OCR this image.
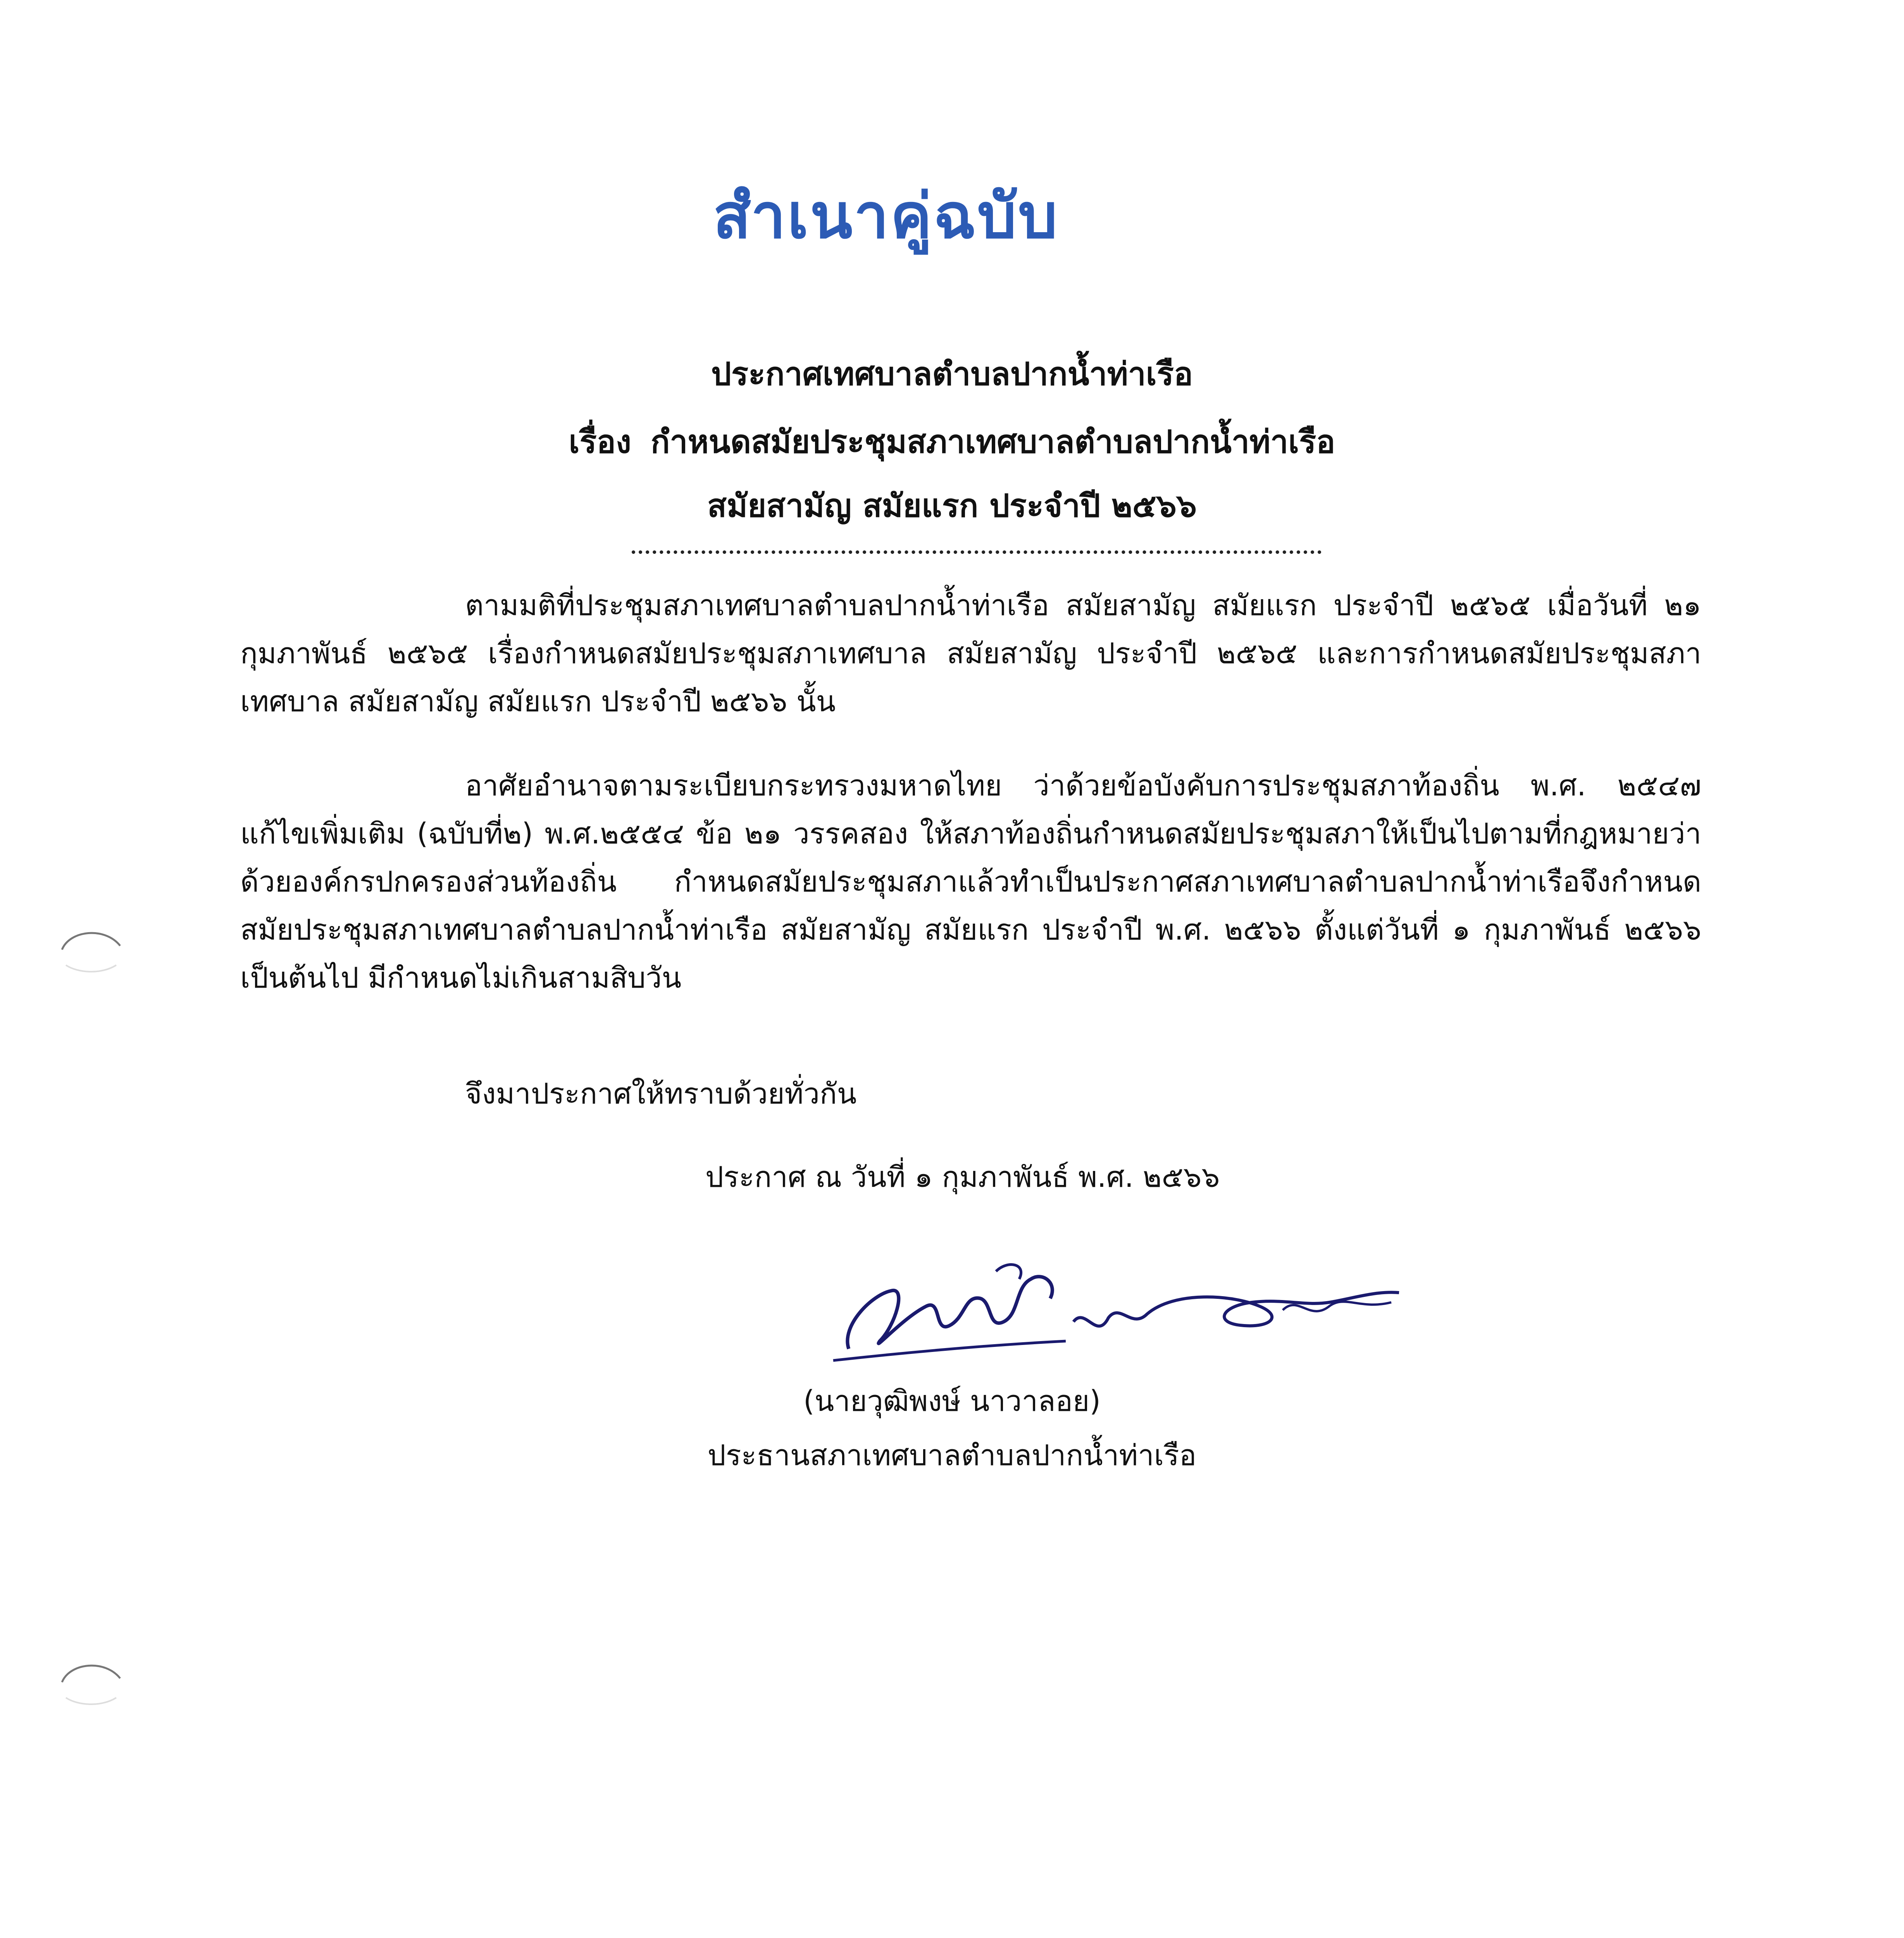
สำเนาคู่ฉบับ
ประกาศเทศบาลตำบลปากน้ำท่าเรือ
เรื่อง กำหนดสมัยประชุมสภาเทศบาลตำบลปากน้ำท่าเรือ
สมัยสามัญ สมัยแรก ประจำปี ๒๕๖๖
ตามมติที่ประชุมสภาเทศบาลตำบลปากน้ำท่าเรือ สมัยสามัญ สมัยแรก ประจำปี ๒๕๖๕ เมื่อวันที่ ๒๑ กุมภาพันธ์ ๒๕๖๕ เรื่องกำหนดสมัยประชุมสภาเทศบาล สมัยสามัญ ประจำปี ๒๕๖๕ และการกำหนดสมัยประชุมสภาเทศบาล สมัยสามัญ สมัยแรก ประจำปี ๒๕๖๖ นั้น
อาศัยอำนาจตามระเบียบกระทรวงมหาดไทย ว่าด้วยข้อบังคับการประชุมสภาท้องถิ่น พ.ศ. ๒๕๔๗ แก้ไขเพิ่มเติม (ฉบับที่๒) พ.ศ.๒๕๕๔ ข้อ ๒๑ วรรคสอง ให้สภาท้องถิ่นกำหนดสมัยประชุมสภาให้เป็นไปตามที่กฎหมายว่าด้วยองค์กรปกครองส่วนท้องถิ่น กำหนดสมัยประชุมสภาแล้วทำเป็นประกาศสภาเทศบาลตำบลปากน้ำท่าเรือจึงกำหนดสมัยประชุมสภาเทศบาลตำบลปากน้ำท่าเรือ สมัยสามัญ สมัยแรก ประจำปี พ.ศ. ๒๕๖๖ ตั้งแต่วันที่ ๑ กุมภาพันธ์ ๒๕๖๖ เป็นต้นไป มีกำหนดไม่เกินสามสิบวัน
จึงมาประกาศให้ทราบด้วยทั่วกัน
ประกาศ ณ วันที่ ๑ กุมภาพันธ์ พ.ศ. ๒๕๖๖
(นายวุฒิพงษ์ นาวาลอย)
ประธานสภาเทศบาลตำบลปากน้ำท่าเรือ
